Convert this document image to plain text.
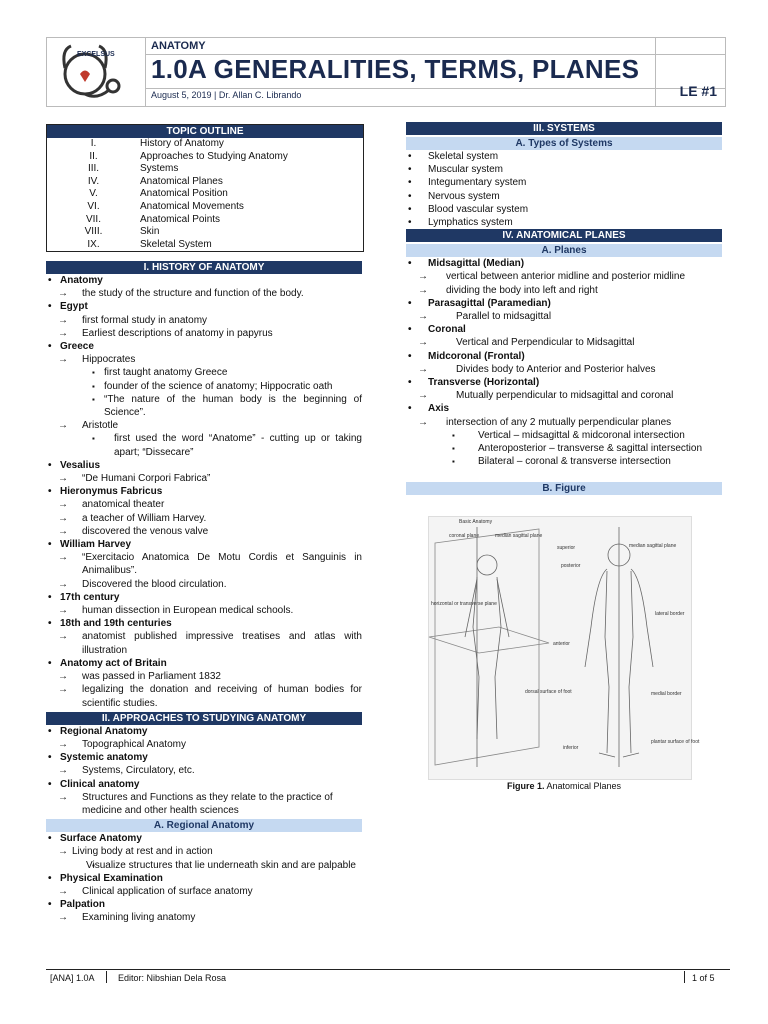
EXCELSUS
ANATOMY
1.0A GENERALITIES, TERMS, PLANES
August 5, 2019 | Dr. Allan C. Librando	LE #1
TOPIC OUTLINE
I.	History of Anatomy
II.	Approaches to Studying Anatomy
III.	Systems
IV.	Anatomical Planes
V.	Anatomical Position
VI.	Anatomical Movements
VII.	Anatomical Points
VIII.	Skin
IX.	Skeletal System
I. HISTORY OF ANATOMY
• Anatomy
→ the study of the structure and function of the body.
• Egypt
→ first formal study in anatomy
→ Earliest descriptions of anatomy in papyrus
• Greece
→ Hippocrates
▪ first taught anatomy Greece
▪ founder of the science of anatomy; Hippocratic oath
▪ “The nature of the human body is the beginning of Science”.
→ Aristotle
▪ first used the word “Anatome” - cutting up or taking apart; “Dissecare”
• Vesalius
→ “De Humani Corpori Fabrica”
• Hieronymus Fabricus
→ anatomical theater
→ a teacher of William Harvey.
→ discovered the venous valve
• William Harvey
→ “Exercitacio Anatomica De Motu Cordis et Sanguinis in Animalibus”.
→ Discovered the blood circulation.
• 17th century
→ human dissection in European medical schools.
• 18th and 19th centuries
→ anatomist published impressive treatises and atlas with illustration
• Anatomy act of Britain
→ was passed in Parliament 1832
→ legalizing the donation and receiving of human bodies for scientific studies.
II. APPROACHES TO STUDYING ANATOMY
• Regional Anatomy
→ Topographical Anatomy
• Systemic anatomy
→ Systems, Circulatory, etc.
• Clinical anatomy
→ Structures and Functions as they relate to the practice of medicine and other health sciences
A. Regional Anatomy
• Surface Anatomy
→ Living body at rest and in action
▪ Visualize structures that lie underneath skin and are palpable
• Physical Examination
→ Clinical application of surface anatomy
• Palpation
→ Examining living anatomy
III. SYSTEMS
A. Types of Systems
• Skeletal system
• Muscular system
• Integumentary system
• Nervous system
• Blood vascular system
• Lymphatics system
IV. ANATOMICAL PLANES
A. Planes
• Midsagittal (Median)
→ vertical between anterior midline and posterior midline
→ dividing the body into left and right
• Parasagittal (Paramedian)
→ Parallel to midsagittal
• Coronal
→ Vertical and Perpendicular to Midsagittal
• Midcoronal (Frontal)
→ Divides body to Anterior and Posterior halves
• Transverse (Horizontal)
→ Mutually perpendicular to midsagittal and coronal
• Axis
→ intersection of any 2 mutually perpendicular planes
▪ Vertical – midsagittal & midcoronal intersection
▪ Anteroposterior – transverse & sagittal intersection
▪ Bilateral – coronal & transverse intersection
B. Figure
Basic Anatomy
coronal plane	median sagittal plane
horizontal or transverse plane
superior
posterior
anterior
inferior
median sagittal plane
lateral border
medial border
dorsal surface of foot
plantar surface of foot
Figure 1. Anatomical Planes
[ANA] 1.0A	Editor: Nibshian Dela Rosa	1 of 5
